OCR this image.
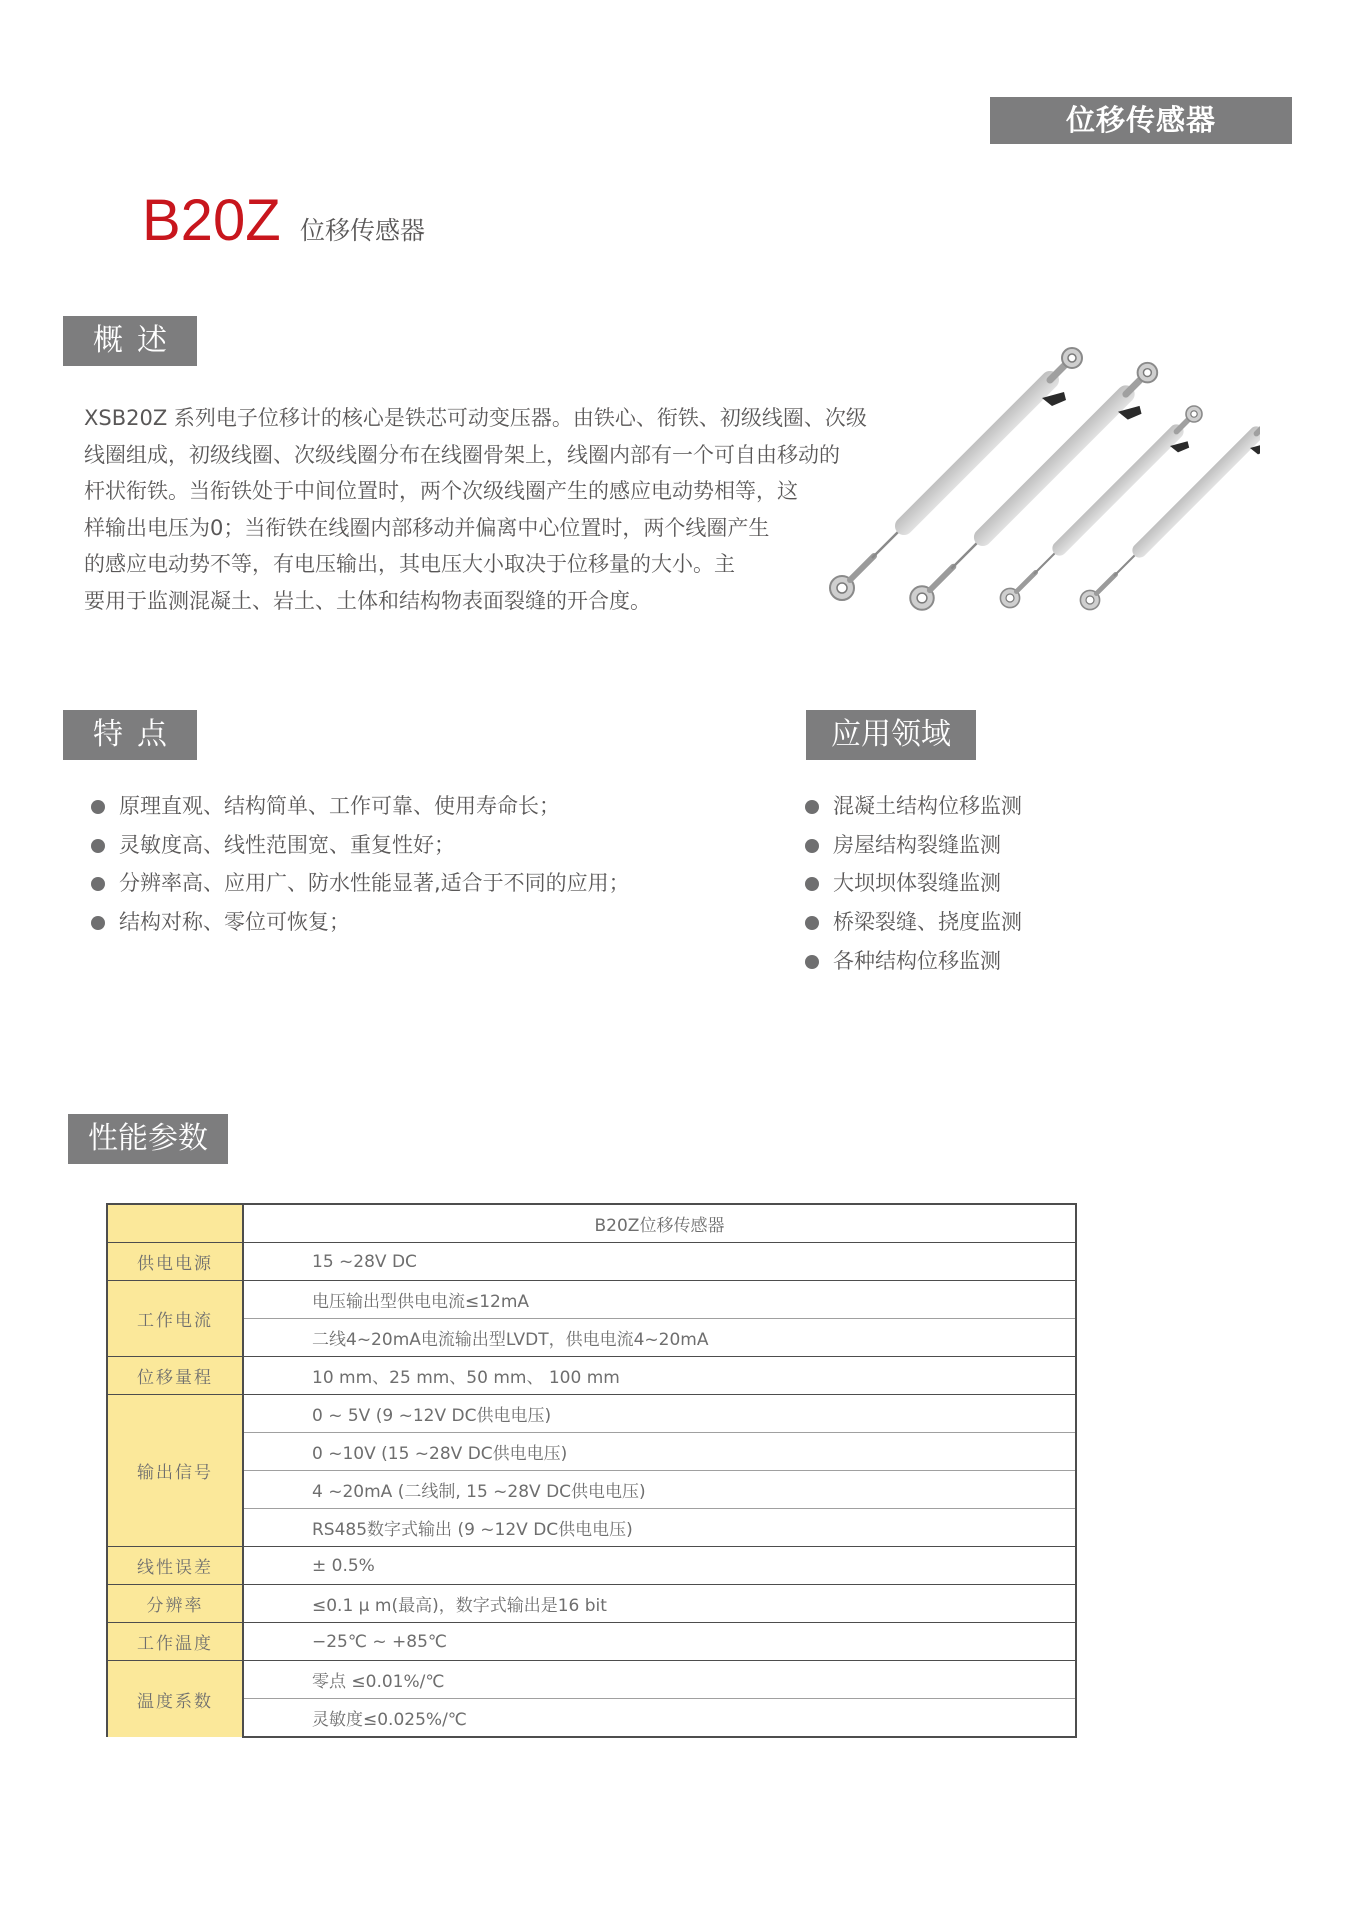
位移传感器
B20Z 位移传感器
概述
XSB20Z 系列电子位移计的核心是铁芯可动变压器。由铁心、衔铁、初级线圈、次级
线圈组成，初级线圈、次级线圈分布在线圈骨架上，线圈内部有一个可自由移动的
杆状衔铁。当衔铁处于中间位置时，两个次级线圈产生的感应电动势相等，这
样输出电压为0；当衔铁在线圈内部移动并偏离中心位置时，两个线圈产生
的感应电动势不等，有电压输出，其电压大小取决于位移量的大小。主
要用于监测混凝土、岩土、土体和结构物表面裂缝的开合度。
特点	应用领域
原理直观、结构简单、工作可靠、使用寿命长；
灵敏度高、线性范围宽、重复性好；
分辨率高、应用广、防水性能显著,适合于不同的应用；
结构对称、零位可恢复；
混凝土结构位移监测
房屋结构裂缝监测
大坝坝体裂缝监测
桥梁裂缝、挠度监测
各种结构位移监测
性能参数
	B20Z位移传感器
供电电源	15 ~28V DC
工作电流	电压输出型供电电流≤12mA
	二线4~20mA电流输出型LVDT，供电电流4~20mA
位移量程	10 mm、25 mm、50 mm、 100 mm
输出信号	0 ~ 5V (9 ~12V DC供电电压)
	0 ~10V (15 ~28V DC供电电压)
	4 ~20mA (二线制, 15 ~28V DC供电电压)
	RS485数字式输出 (9 ~12V DC供电电压)
线性误差	± 0.5%
分辨率	≤0.1 μ m(最高)，数字式输出是16 bit
工作温度	−25℃ ~ +85℃
温度系数	零点 ≤0.01%/℃
	灵敏度≤0.025%/℃
